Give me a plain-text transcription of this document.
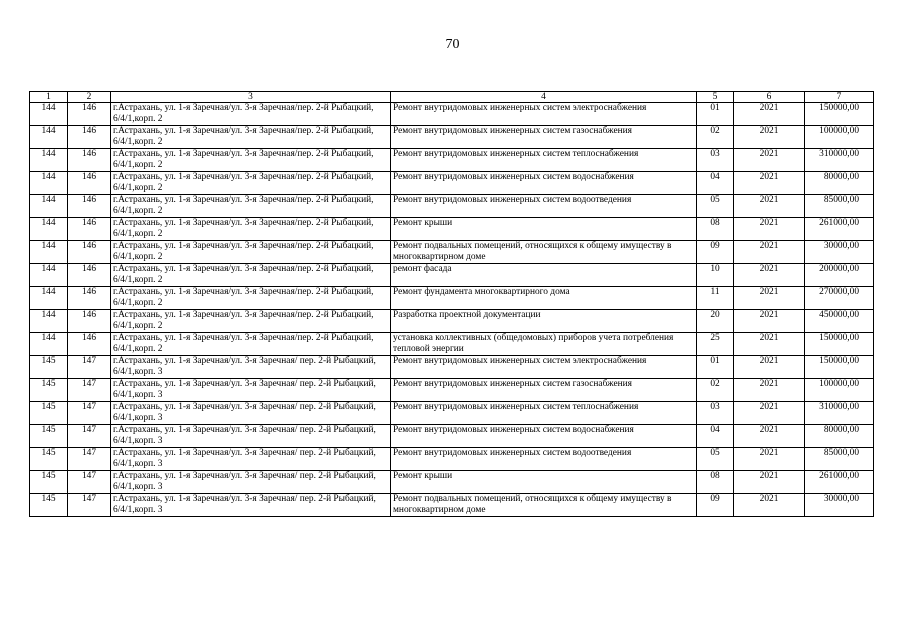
70
1	2	3	4	5	6	7
144	146	г.Астрахань, ул. 1-я Заречная/ул. 3-я Заречная/пер. 2-й Рыбацкий, 6/4/1,корп. 2	Ремонт внутридомовых инженерных систем электроснабжения	01	2021	150000,00
144	146	г.Астрахань, ул. 1-я Заречная/ул. 3-я Заречная/пер. 2-й Рыбацкий, 6/4/1,корп. 2	Ремонт внутридомовых инженерных систем газоснабжения	02	2021	100000,00
144	146	г.Астрахань, ул. 1-я Заречная/ул. 3-я Заречная/пер. 2-й Рыбацкий, 6/4/1,корп. 2	Ремонт внутридомовых инженерных систем теплоснабжения	03	2021	310000,00
144	146	г.Астрахань, ул. 1-я Заречная/ул. 3-я Заречная/пер. 2-й Рыбацкий, 6/4/1,корп. 2	Ремонт внутридомовых инженерных систем водоснабжения	04	2021	80000,00
144	146	г.Астрахань, ул. 1-я Заречная/ул. 3-я Заречная/пер. 2-й Рыбацкий, 6/4/1,корп. 2	Ремонт внутридомовых инженерных систем водоотведения	05	2021	85000,00
144	146	г.Астрахань, ул. 1-я Заречная/ул. 3-я Заречная/пер. 2-й Рыбацкий, 6/4/1,корп. 2	Ремонт крыши	08	2021	261000,00
144	146	г.Астрахань, ул. 1-я Заречная/ул. 3-я Заречная/пер. 2-й Рыбацкий, 6/4/1,корп. 2	Ремонт подвальных помещений, относящихся к общему имуществу в многоквартирном доме	09	2021	30000,00
144	146	г.Астрахань, ул. 1-я Заречная/ул. 3-я Заречная/пер. 2-й Рыбацкий, 6/4/1,корп. 2	ремонт фасада	10	2021	200000,00
144	146	г.Астрахань, ул. 1-я Заречная/ул. 3-я Заречная/пер. 2-й Рыбацкий, 6/4/1,корп. 2	Ремонт фундамента многоквартирного дома	11	2021	270000,00
144	146	г.Астрахань, ул. 1-я Заречная/ул. 3-я Заречная/пер. 2-й Рыбацкий, 6/4/1,корп. 2	Разработка проектной документации	20	2021	450000,00
144	146	г.Астрахань, ул. 1-я Заречная/ул. 3-я Заречная/пер. 2-й Рыбацкий, 6/4/1,корп. 2	установка коллективных (общедомовых) приборов учета потребления тепловой энергии	25	2021	150000,00
145	147	г.Астрахань, ул. 1-я Заречная/ул. 3-я Заречная/ пер. 2-й Рыбацкий, 6/4/1,корп. 3	Ремонт внутридомовых инженерных систем электроснабжения	01	2021	150000,00
145	147	г.Астрахань, ул. 1-я Заречная/ул. 3-я Заречная/ пер. 2-й Рыбацкий, 6/4/1,корп. 3	Ремонт внутридомовых инженерных систем газоснабжения	02	2021	100000,00
145	147	г.Астрахань, ул. 1-я Заречная/ул. 3-я Заречная/ пер. 2-й Рыбацкий, 6/4/1,корп. 3	Ремонт внутридомовых инженерных систем теплоснабжения	03	2021	310000,00
145	147	г.Астрахань, ул. 1-я Заречная/ул. 3-я Заречная/ пер. 2-й Рыбацкий, 6/4/1,корп. 3	Ремонт внутридомовых инженерных систем водоснабжения	04	2021	80000,00
145	147	г.Астрахань, ул. 1-я Заречная/ул. 3-я Заречная/ пер. 2-й Рыбацкий, 6/4/1,корп. 3	Ремонт внутридомовых инженерных систем водоотведения	05	2021	85000,00
145	147	г.Астрахань, ул. 1-я Заречная/ул. 3-я Заречная/ пер. 2-й Рыбацкий, 6/4/1,корп. 3	Ремонт крыши	08	2021	261000,00
145	147	г.Астрахань, ул. 1-я Заречная/ул. 3-я Заречная/ пер. 2-й Рыбацкий, 6/4/1,корп. 3	Ремонт подвальных помещений, относящихся к общему имуществу в многоквартирном доме	09	2021	30000,00
